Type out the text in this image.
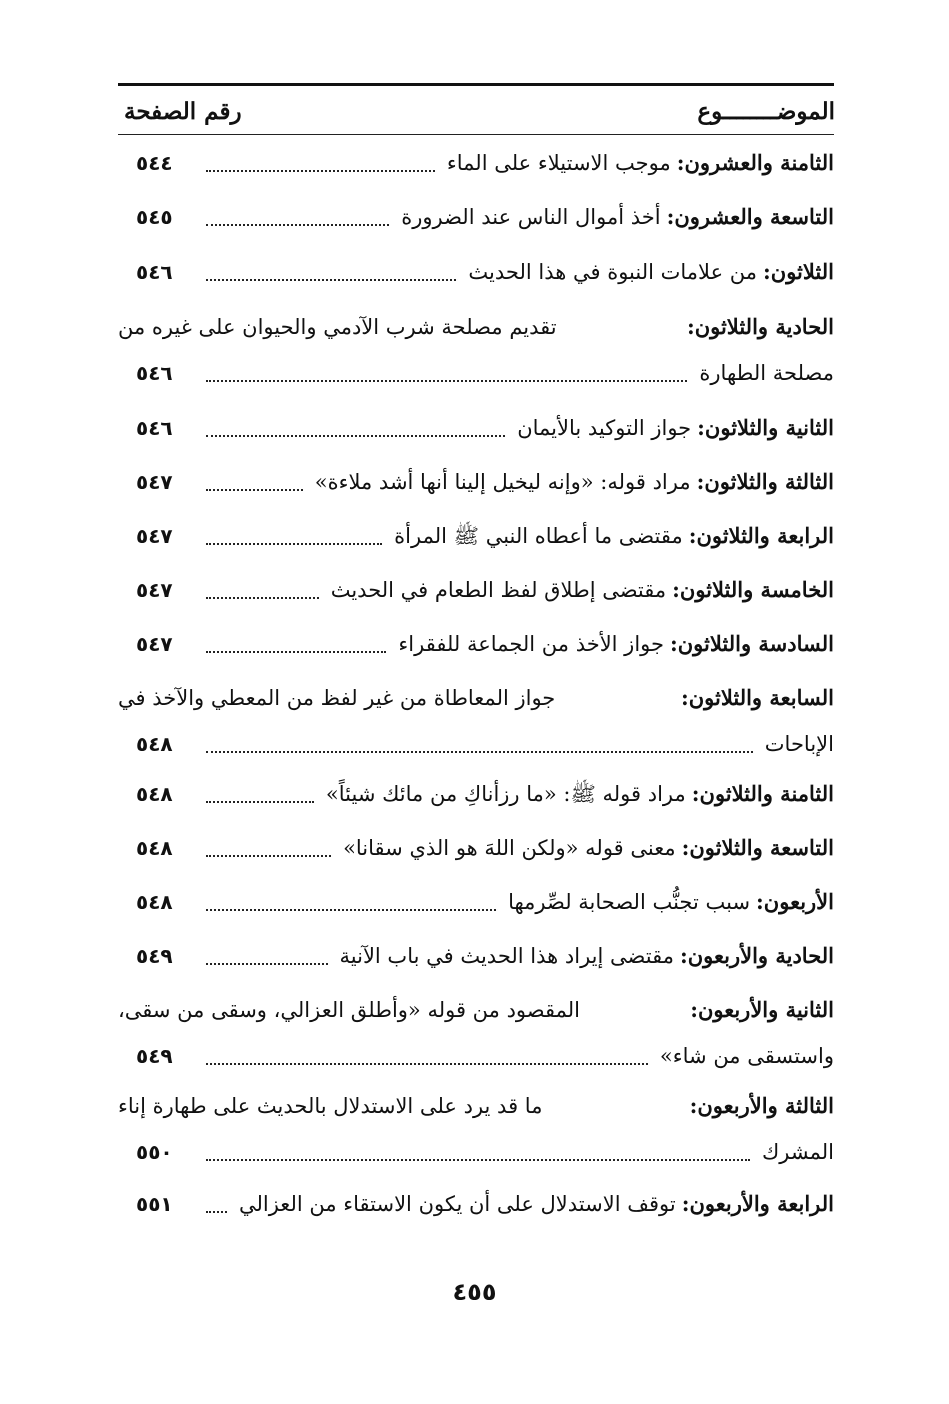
الموضــــــــوع
رقم الصفحة
الثامنة والعشرون:
موجب الاستيلاء على الماء
٥٤٤
التاسعة والعشرون:
أخذ أموال الناس عند الضرورة
٥٤٥
الثلاثون:
من علامات النبوة في هذا الحديث
٥٤٦
الحادية والثلاثون:
تقديم مصلحة شرب الآدمي والحيوان على غيره من
مصلحة الطهارة
٥٤٦
الثانية والثلاثون:
جواز التوكيد بالأيمان
٥٤٦
الثالثة والثلاثون:
مراد قوله: «وإنه ليخيل إلينا أنها أشد ملاءة»
٥٤٧
الرابعة والثلاثون:
مقتضى ما أعطاه النبي ﷺ المرأة
٥٤٧
الخامسة والثلاثون:
مقتضى إطلاق لفظ الطعام في الحديث
٥٤٧
السادسة والثلاثون:
جواز الأخذ من الجماعة للفقراء
٥٤٧
السابعة والثلاثون:
جواز المعاطاة من غير لفظ من المعطي والآخذ في
الإباحات
٥٤٨
الثامنة والثلاثون:
مراد قوله ﷺ: «ما رزأناكِ من مائك شيئاً»
٥٤٨
التاسعة والثلاثون:
معنى قوله «ولكن اللهَ هو الذي سقانا»
٥٤٨
الأربعون:
سبب تجنُّب الصحابة لصِّرمها
٥٤٨
الحادية والأربعون:
مقتضى إيراد هذا الحديث في باب الآنية
٥٤٩
الثانية والأربعون:
المقصود من قوله «وأطلق العزالي، وسقى من سقى،
واستسقى من شاء»
٥٤٩
الثالثة والأربعون:
ما قد يرد على الاستدلال بالحديث على طهارة إناء
المشرك
٥٥٠
الرابعة والأربعون:
توقف الاستدلال على أن يكون الاستقاء من العزالي
٥٥١
٤٥٥
